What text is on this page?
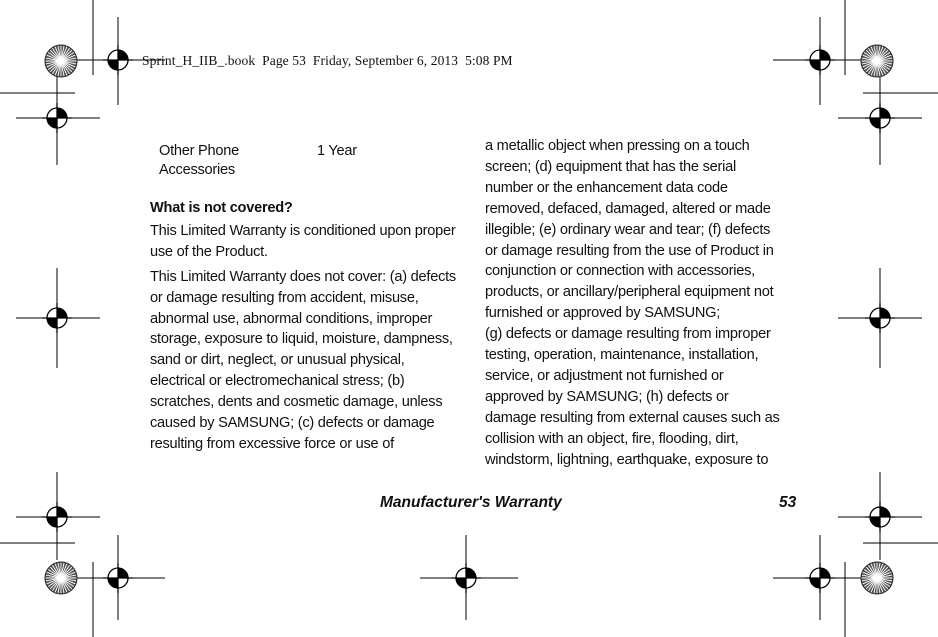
Sprint_H_IIB_.book  Page 53  Friday, September 6, 2013  5:08 PM
Other Phone Accessories
1 Year
What is not covered?
This Limited Warranty is conditioned upon proper use of the Product.
This Limited Warranty does not cover: (a) defects or damage resulting from accident, misuse, abnormal use, abnormal conditions, improper storage, exposure to liquid, moisture, dampness, sand or dirt, neglect, or unusual physical, electrical or electromechanical stress; (b) scratches, dents and cosmetic damage, unless caused by SAMSUNG; (c) defects or damage resulting from excessive force or use of
a metallic object when pressing on a touch
screen; (d) equipment that has the serial
number or the enhancement data code
removed, defaced, damaged, altered or made
illegible; (e) ordinary wear and tear; (f) defects
or damage resulting from the use of Product in
conjunction or connection with accessories,
products, or ancillary/peripheral equipment not
furnished or approved by SAMSUNG;
(g) defects or damage resulting from improper
testing, operation, maintenance, installation,
service, or adjustment not furnished or
approved by SAMSUNG; (h) defects or
damage resulting from external causes such as
collision with an object, fire, flooding, dirt,
windstorm, lightning, earthquake, exposure to
Manufacturer's Warranty	53
